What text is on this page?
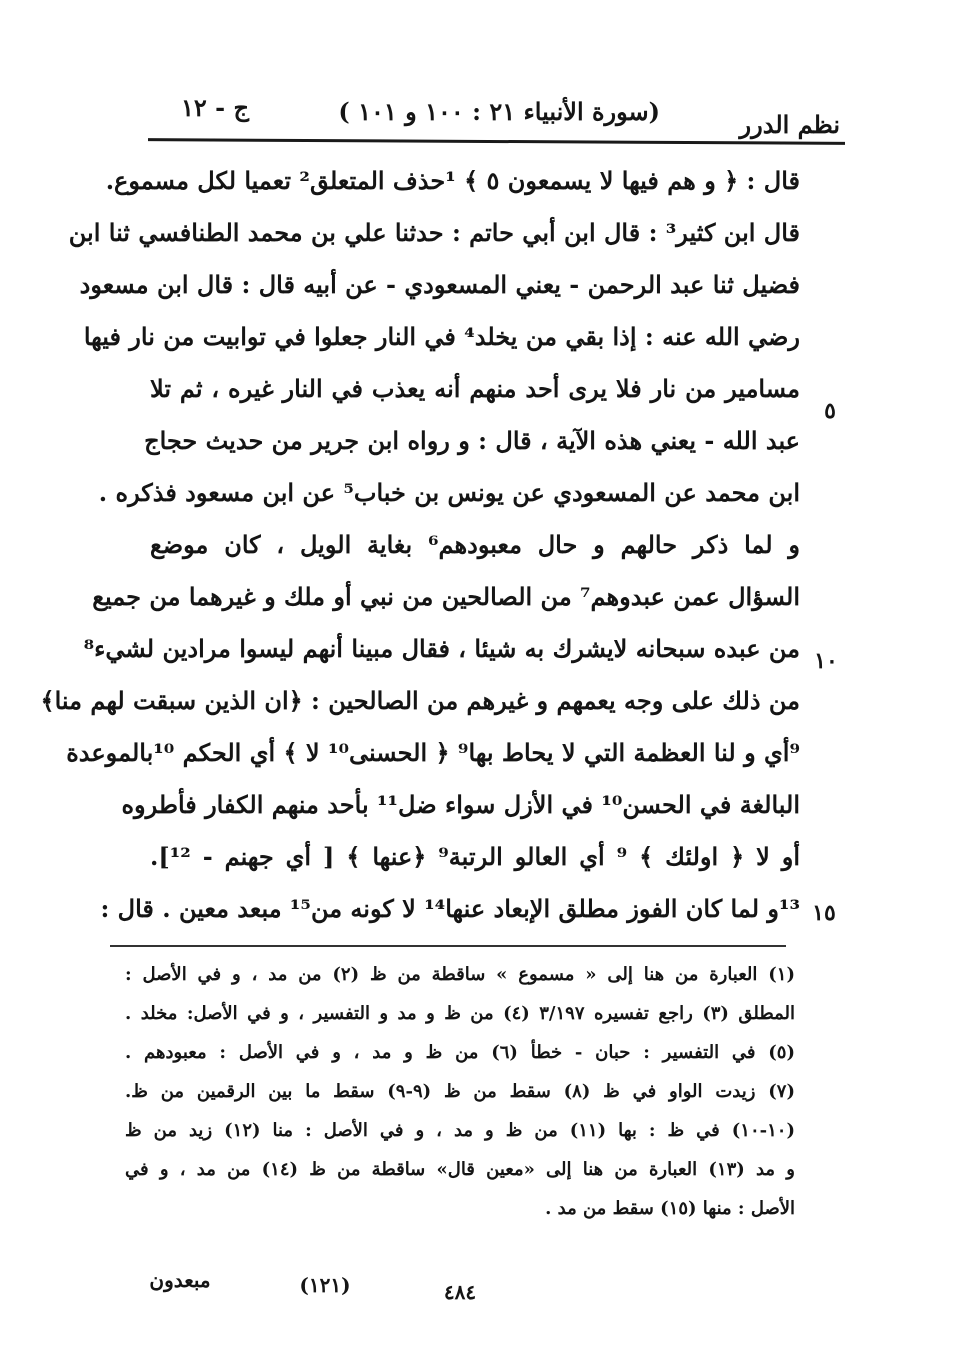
نظم الدرر
(سورة الأنبياء ٢١ : ١٠٠ و ١٠١ )
ج - ١٢
قال : ﴿ و هم فيها لا يسمعون ٥ ﴾ ¹حذف المتعلق² تعميا لكل مسموع.
قال ابن كثير³ : قال ابن أبي حاتم : حدثنا علي بن محمد الطنافسي ثنا ابن
فضيل ثنا عبد الرحمن - يعني المسعودي - عن أبيه قال : قال ابن مسعود
رضي الله عنه : إذا بقي من يخلد⁴ في النار جعلوا في توابيت من نار فيها
مسامير من نار فلا يرى أحد منهم أنه يعذب في النار غيره ، ثم تلا
عبد الله - يعني هذه الآية ، قال : و رواه ابن جرير من حديث حجاج
ابن محمد عن المسعودي عن يونس بن خباب⁵ عن ابن مسعود فذكره .
و لما ذكر حالهم و حال معبودهم⁶ بغاية الويل ، كان موضع
السؤال عمن عبدوهم⁷ من الصالحين من نبي أو ملك و غيرهما من جميع
من عبده سبحانه لايشرك به شيئا ، فقال مبينا أنهم ليسوا مرادين لشيء⁸
من ذلك على وجه يعمهم و غيرهم من الصالحين : ﴿ان الذين سبقت لهم منا﴾
⁹أي و لنا العظمة التي لا يحاط بها⁹ ﴿ الحسنى¹⁰ لا ﴾ أي الحكم ¹⁰بالموعدة
البالغة في الحسن¹⁰ في الأزل سواء ضل¹¹ بأحد منهم الكفار فأطروه
أو لا ﴿ اولئك ﴾ ⁹ أي العالو الرتبة⁹ ﴿عنها ﴾ [ أي جهنم - ¹²].
¹³و لما كان الفوز مطلق الإبعاد عنها¹⁴ لا كونه من¹⁵ مبعد معين . قال :
٥
١٠
١٥
(١) العبارة من هنا إلى « مسموع » ساقطة من ظ (٢) من مد ، و في الأصل :
المطلق (٣) راجع تفسيره ٣/١٩٧ (٤) من ظ و مد و التفسير ، و في الأصل: مخلد .
(٥) في التفسير : حبان - خطأ (٦) من ظ و مد ، و في الأصل : معبودهم .
(٧) زيدت الواو في ظ (٨) سقط من ظ (٩-٩) سقط ما بين الرقمين من ظ.
(١٠-١٠) في ظ : بها (١١) من ظ و مد ، و في الأصل : منا (١٢) زيد من ظ
و مد (١٣) العبارة من هنا إلى «معين قال» ساقطة من ظ (١٤) من مد ، و في
الأصل : منها (١٥) سقط من مد .
مبعدون	(١٢١)	٤٨٤
